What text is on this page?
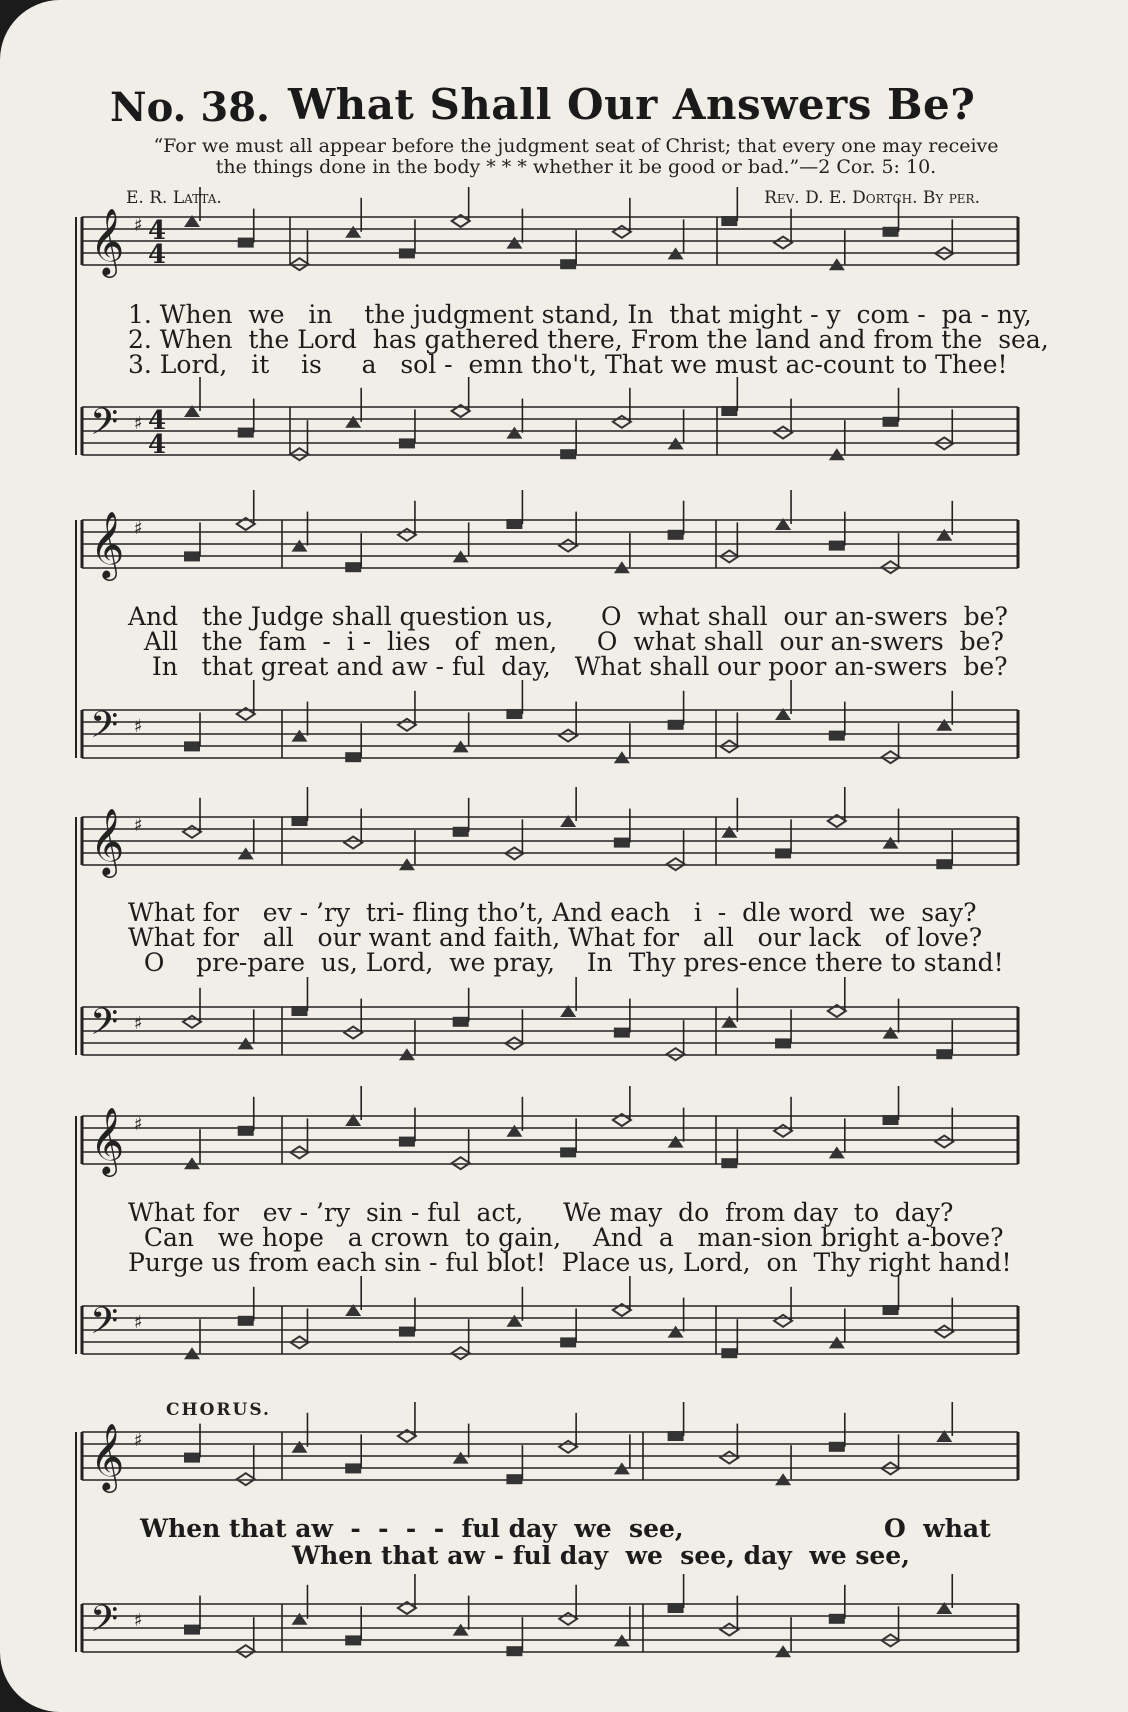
No. 38. What Shall Our Answers Be?
“For we must all appear before the judgment seat of Christ; that every one may receive
the things done in the body * * * whether it be good or bad.”—2 Cor. 5: 10.
E. R. Latta.	Rev. D. E. Dortch. By per.
𝄞 ♯
𝄢 ♯
𝄞 ♯
𝄢 ♯
𝄞 ♯
𝄢 ♯
𝄞 ♯
𝄢 ♯
𝄞 ♯
𝄢 ♯
4
4
4
4
1. When  we   in    the judgment stand, In  that might - y  com -  pa - ny,
2. When  the Lord  has gathered there, From the land and from the  sea,
3. Lord,   it    is     a   sol -  emn tho't, That we must ac-count to Thee!
And   the Judge shall question us,      O  what shall  our an-swers  be?
All   the  fam  -  i -  lies   of  men,     O  what shall  our an-swers  be?
In   that great and aw - ful  day,   What shall our poor an-swers  be?
What for   ev - ’ry  tri- fling tho’t, And each   i  -  dle word  we  say?
What for   all   our want and faith, What for   all   our lack   of love?
O    pre-pare  us, Lord,  we pray,    In  Thy pres-ence there to stand!
What for   ev - ’ry  sin - ful  act,     We may  do  from day  to  day?
Can   we hope   a crown  to gain,    And  a   man-sion bright a-bove?
Purge us from each sin - ful blot!  Place us, Lord,  on  Thy right hand!
CHORUS.
When that aw  -  -  -  -  ful day  we  see,	O  what
When that aw - ful day  we  see, day  we see,
